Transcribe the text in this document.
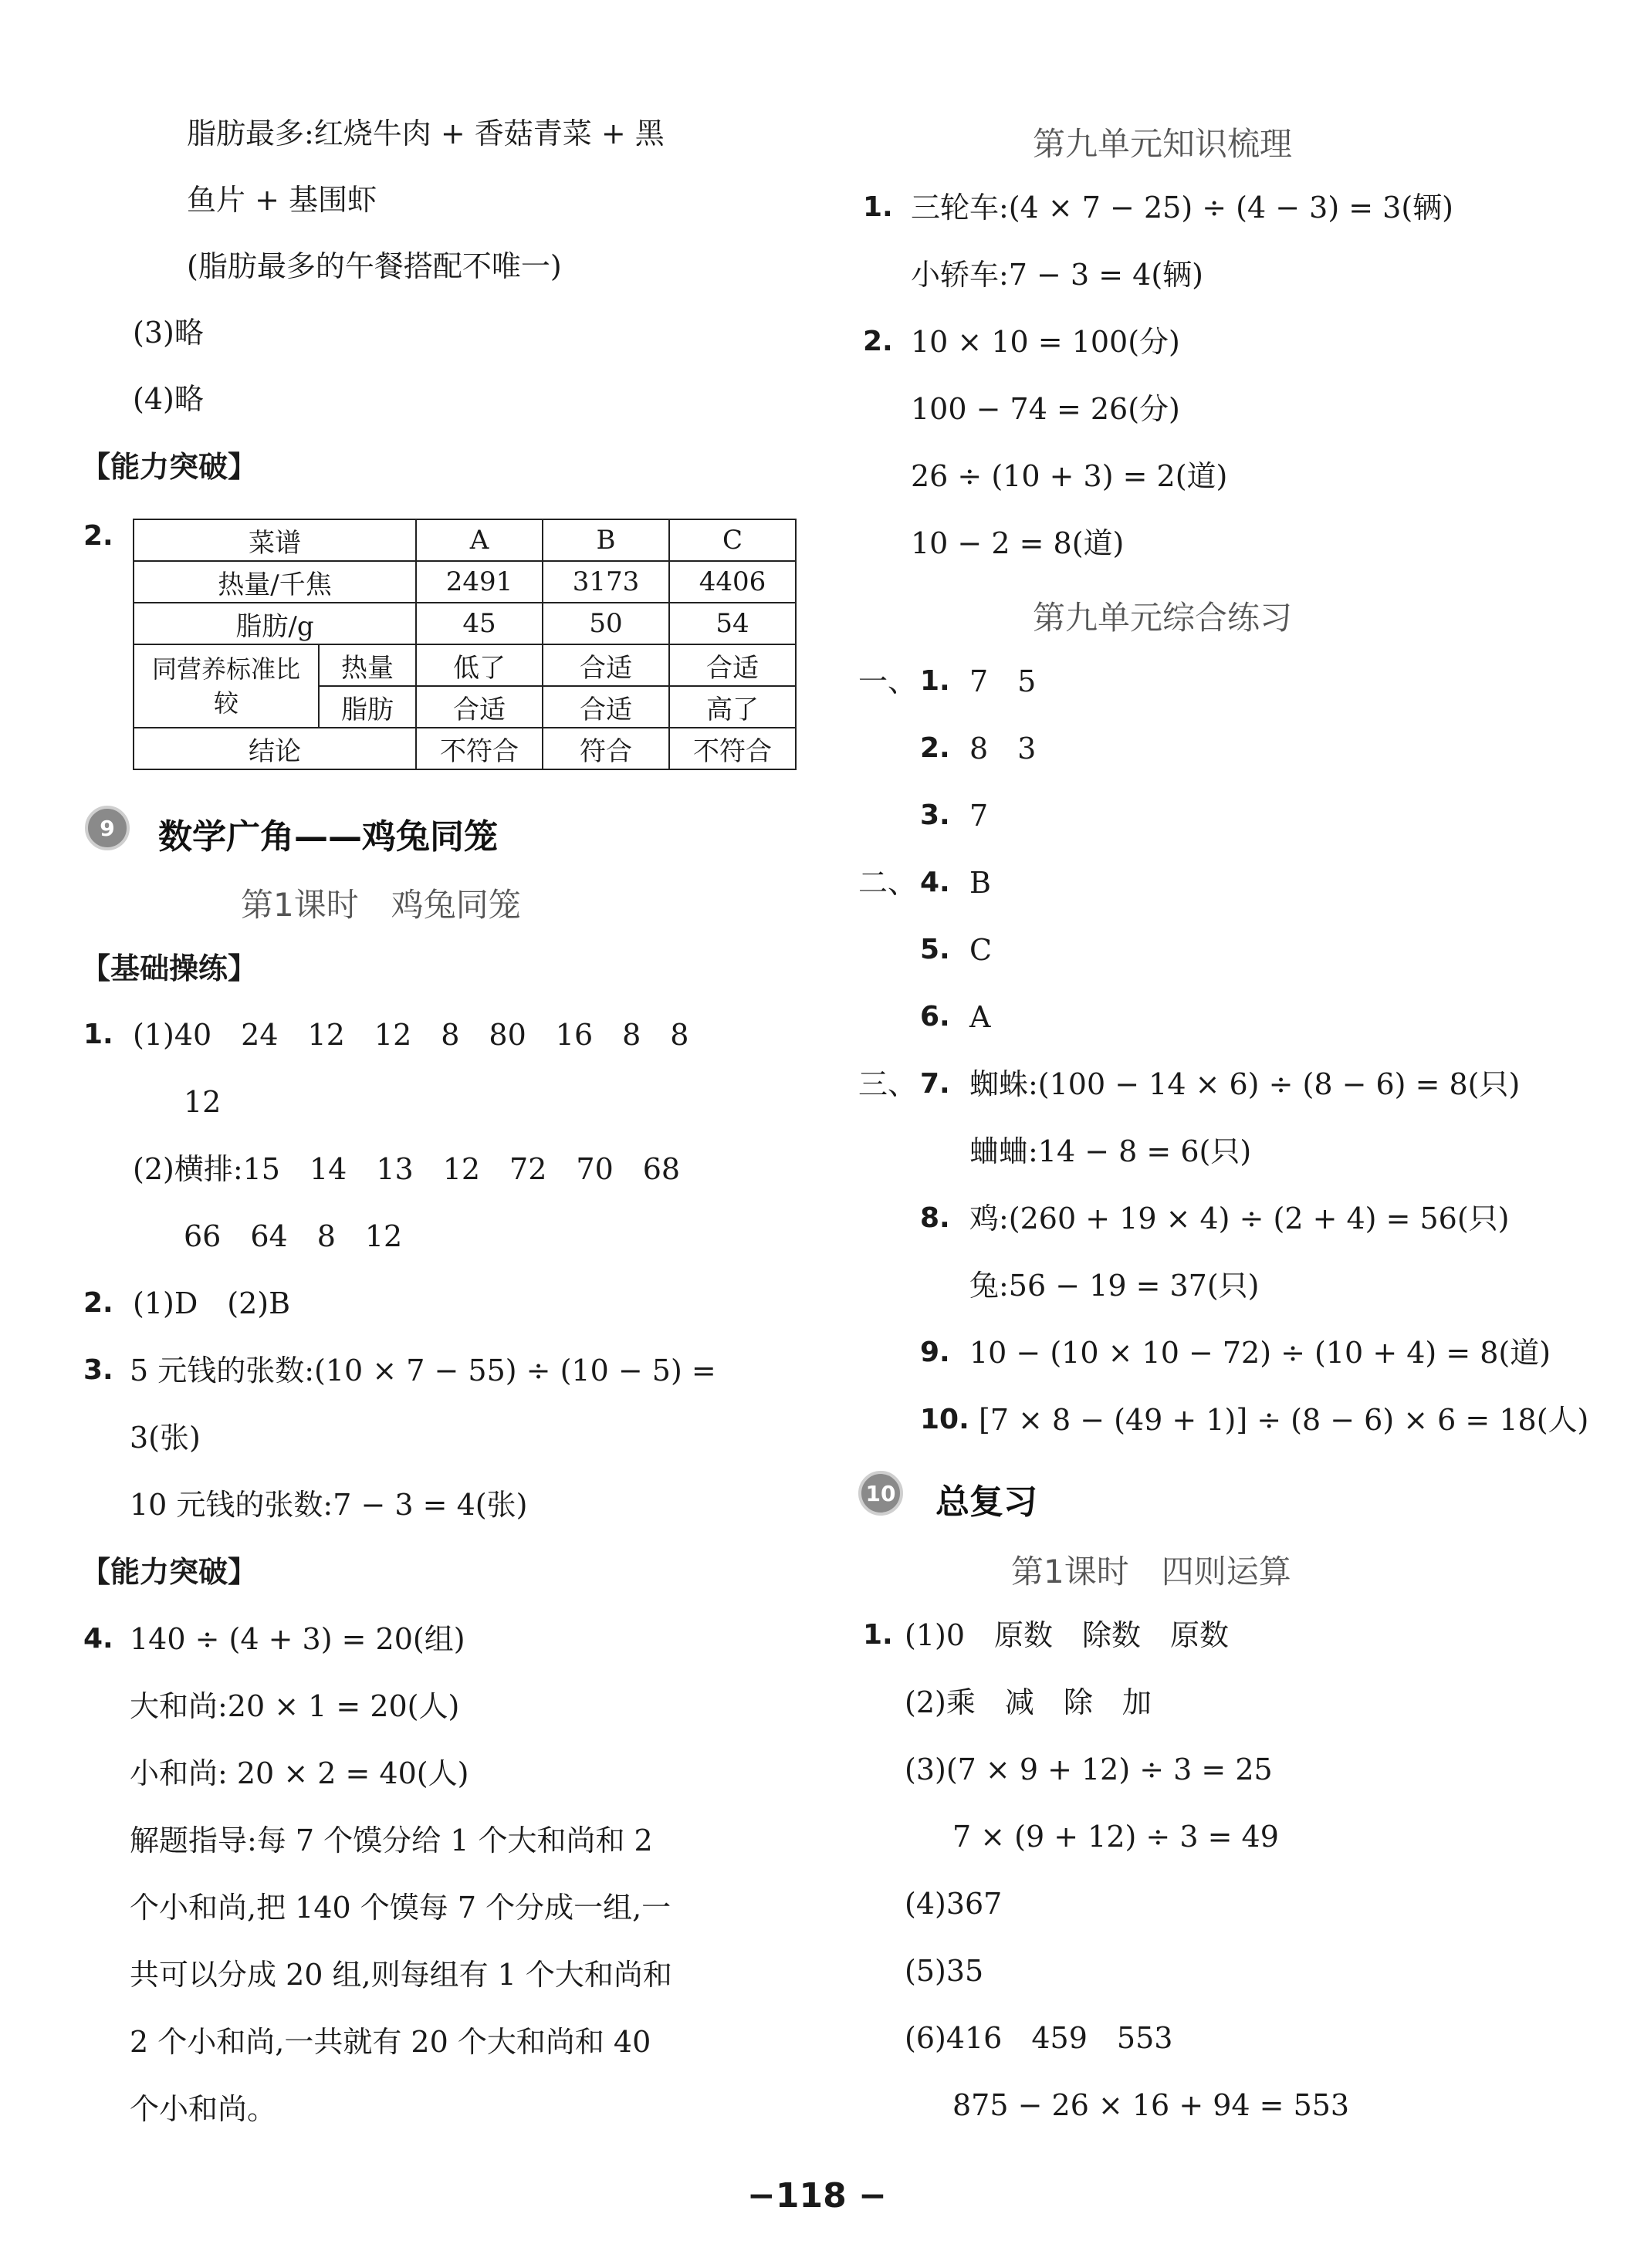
脂肪最多:红烧牛肉 + 香菇青菜 + 黑
鱼片 + 基围虾
(脂肪最多的午餐搭配不唯一)
(3)略
(4)略
【能力突破】
2.	菜谱		A	B	C
热量/千焦		2491	3173	4406
脂肪/g		45	50	54
同营养标准比较	热量	低了	合适	合适
	脂肪	合适	合适	高了
结论		不符合	符合	不符合
9	数学广角——鸡兔同笼
第1课时　鸡兔同笼
【基础操练】
1. (1)40　24　12　12　8　80　16　8　8
12
(2)横排:15　14　13　12　72　70　68
66　64　8　12
2. (1)D　(2)B
3. 5 元钱的张数:(10 × 7 − 55) ÷ (10 − 5) =
3(张)
10 元钱的张数:7 − 3 = 4(张)
【能力突破】
4. 140 ÷ (4 + 3) = 20(组)
大和尚:20 × 1 = 20(人)
小和尚: 20 × 2 = 40(人)
解题指导:每 7 个馍分给 1 个大和尚和 2
个小和尚,把 140 个馍每 7 个分成一组,一
共可以分成 20 组,则每组有 1 个大和尚和
2 个小和尚,一共就有 20 个大和尚和 40
个小和尚。
第九单元知识梳理
1. 三轮车:(4 × 7 − 25) ÷ (4 − 3) = 3(辆)
小轿车:7 − 3 = 4(辆)
2. 10 × 10 = 100(分)
100 − 74 = 26(分)
26 ÷ (10 + 3) = 2(道)
10 − 2 = 8(道)
第九单元综合练习
一、 1. 7　5
2. 8　3
3. 7
二、 4. B
5. C
6. A
三、 7. 蜘蛛:(100 − 14 × 6) ÷ (8 − 6) = 8(只)
蛐蛐:14 − 8 = 6(只)
8. 鸡:(260 + 19 × 4) ÷ (2 + 4) = 56(只)
兔:56 − 19 = 37(只)
9. 10 − (10 × 10 − 72) ÷ (10 + 4) = 8(道)
10. [7 × 8 − (49 + 1)] ÷ (8 − 6) × 6 = 18(人)
10 总复习
第1课时　四则运算
1. (1)0　原数　除数　原数
(2)乘　减　除　加
(3)(7 × 9 + 12) ÷ 3 = 25
7 × (9 + 12) ÷ 3 = 49
(4)367
(5)35
(6)416　459　553
875 − 26 × 16 + 94 = 553
−118 −
